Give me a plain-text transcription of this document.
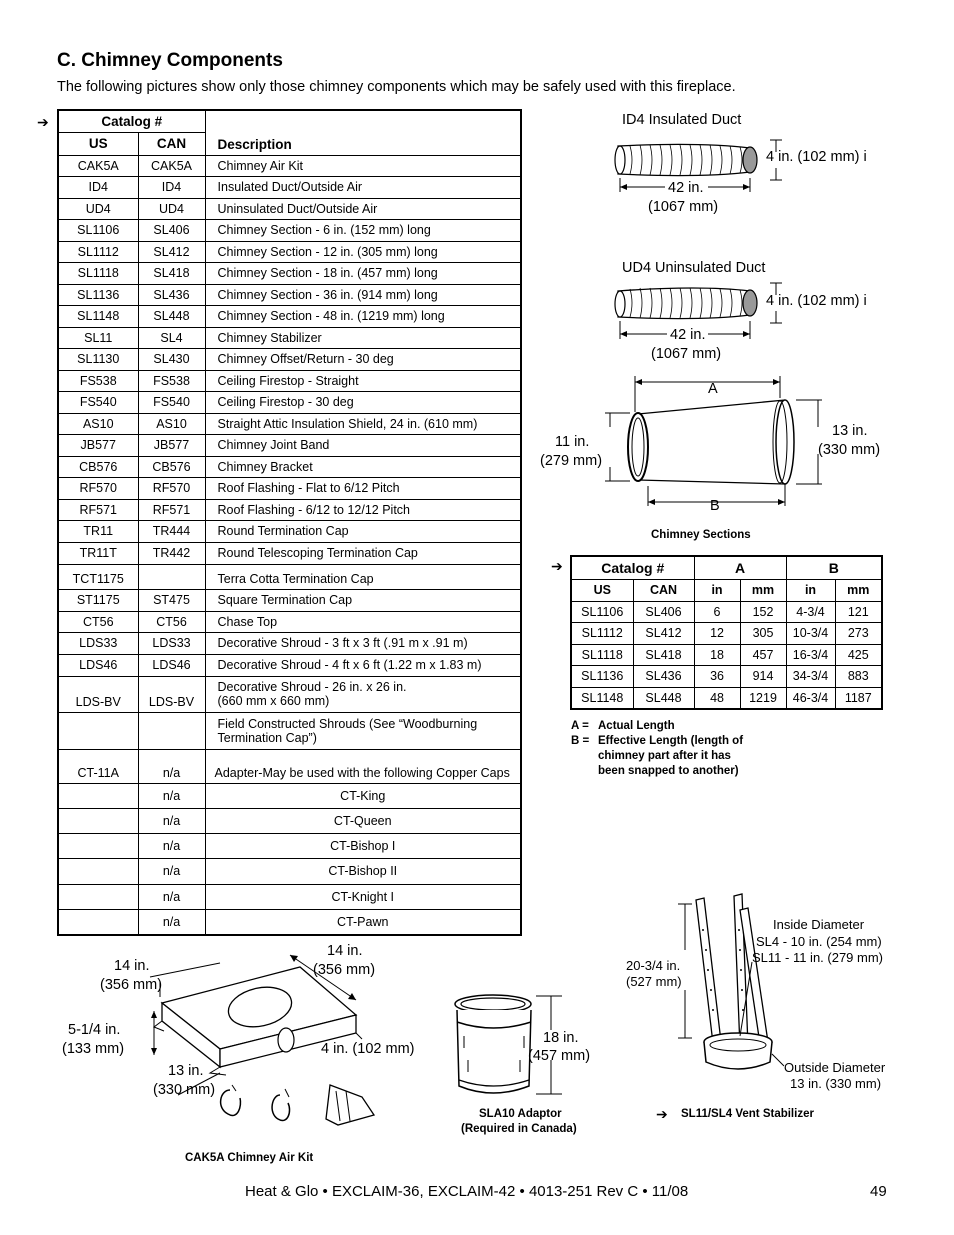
C. Chimney Components
The following pictures show only those chimney components which may be safely used with this fireplace.
➔	Catalog #		Description
US	CAN	
CAK5A	CAK5A	Chimney Air Kit

ID4	ID4	Insulated Duct/Outside Air

UD4	UD4	Uninsulated Duct/Outside Air

SL1106	SL406	Chimney Section - 6 in. (152 mm) long

SL1112	SL412	Chimney Section - 12 in. (305 mm) long

SL1118	SL418	Chimney Section - 18 in. (457 mm) long

SL1136	SL436	Chimney Section - 36 in. (914 mm) long

SL1148	SL448	Chimney Section - 48 in. (1219 mm) long

SL11	SL4	Chimney Stabilizer

SL1130	SL430	Chimney Offset/Return - 30 deg

FS538	FS538	Ceiling Firestop - Straight

FS540	FS540	Ceiling Firestop - 30 deg

AS10	AS10	Straight Attic Insulation Shield, 24 in. (610 mm)

JB577	JB577	Chimney Joint Band

CB576	CB576	Chimney Bracket

RF570	RF570	Roof Flashing - Flat to 6/12 Pitch

RF571	RF571	Roof Flashing - 6/12 to 12/12 Pitch

TR11	TR444	Round Termination Cap

TR11T	TR442	Round Telescoping Termination Cap

TCT1175		Terra Cotta Termination Cap

ST1175	ST475	Square Termination Cap

CT56	CT56	Chase Top

LDS33	LDS33	Decorative Shroud - 3 ft x 3 ft (.91 m x .91 m)

LDS46	LDS46	Decorative Shroud - 4 ft x 6 ft (1.22 m x 1.83 m)

LDS-BV	LDS-BV	Decorative Shroud - 26 in. x 26 in.
(660 mm x 660 mm)

		Field Constructed Shrouds (See “Woodburning
Termination Cap”)

CT-11A	n/a	Adapter-May be used with the following Copper Caps

	n/a	CT-King

	n/a	CT-Queen

	n/a	CT-Bishop I

	n/a	CT-Bishop II

	n/a	CT-Knight I

	n/a	CT-Pawn
ID4 Insulated Duct
4 in. (102 mm) i
42 in.
(1067 mm)
UD4 Uninsulated Duct
4 in. (102 mm) i
42 in.
(1067 mm)
A
B
11 in.
(279 mm)
13 in.
(330 mm)
Chimney Sections
➔	Catalog #		A		B	
US	CAN	in	mm	in	mm
SL1106	SL406	6	152	4-3/4	121
SL1112	SL412	12	305	10-3/4	273
SL1118	SL418	18	457	16-3/4	425
SL1136	SL436	36	914	34-3/4	883
SL1148	SL448	48	1219	46-3/4	1187
A = Actual Length
B = Effective Length (length of
chimney part after it has
been snapped to another)
14 in.
(356 mm)
14 in.
(356 mm)
5-1/4 in.
(133 mm)
13 in.
(330 mm)
4 in. (102 mm)
CAK5A Chimney Air Kit
18 in.
(457 mm)
SLA10 Adaptor
(Required in Canada)
20-3/4 in.
(527 mm)
Inside Diameter
SL4 - 10 in. (254 mm)
SL11 - 11 in. (279 mm)
Outside Diameter
13 in. (330 mm)
➔ SL11/SL4 Vent Stabilizer
Heat & Glo • EXCLAIM-36, EXCLAIM-42 • 4013-251 Rev C • 11/08	49
